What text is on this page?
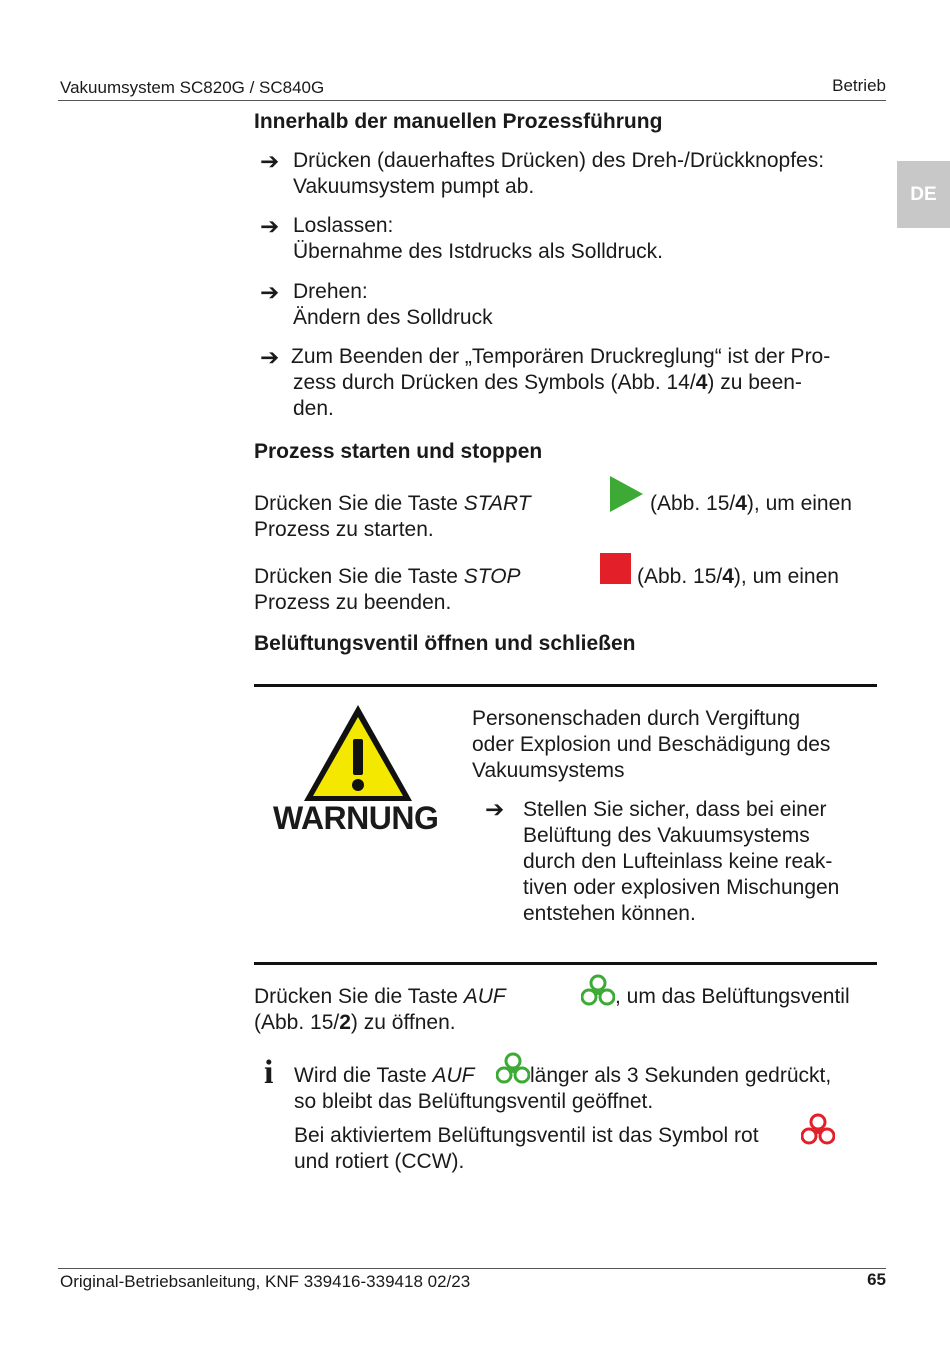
Vakuumsystem SC820G / SC840G	Betrieb
DE
Innerhalb der manuellen Prozessführung
➔ Drücken (dauerhaftes Drücken) des Dreh-/Drückknopfes:
Vakuumsystem pumpt ab.
➔ Loslassen:
Übernahme des Istdrucks als Solldruck.
➔ Drehen:
Ändern des Solldruck
➔ Zum Beenden der „Temporären Druckreglung“ ist der Pro-
zess durch Drücken des Symbols (Abb. 14/4) zu been-
den.
Prozess starten und stoppen
Drücken Sie die Taste START	(Abb. 15/4), um einen
Prozess zu starten.
Drücken Sie die Taste STOP	(Abb. 15/4), um einen
Prozess zu beenden.
Belüftungsventil öffnen und schließen
WARNUNG
Personenschaden durch Vergiftung
oder Explosion und Beschädigung des
Vakuumsystems
➔ Stellen Sie sicher, dass bei einer
Belüftung des Vakuumsystems
durch den Lufteinlass keine reak-
tiven oder explosiven Mischungen
entstehen können.
Drücken Sie die Taste AUF	, um das Belüftungsventil
(Abb. 15/2) zu öffnen.
i Wird die Taste AUF	länger als 3 Sekunden gedrückt,
so bleibt das Belüftungsventil geöffnet.
Bei aktiviertem Belüftungsventil ist das Symbol rot
und rotiert (CCW).
Original-Betriebsanleitung, KNF 339416-339418 02/23	65
